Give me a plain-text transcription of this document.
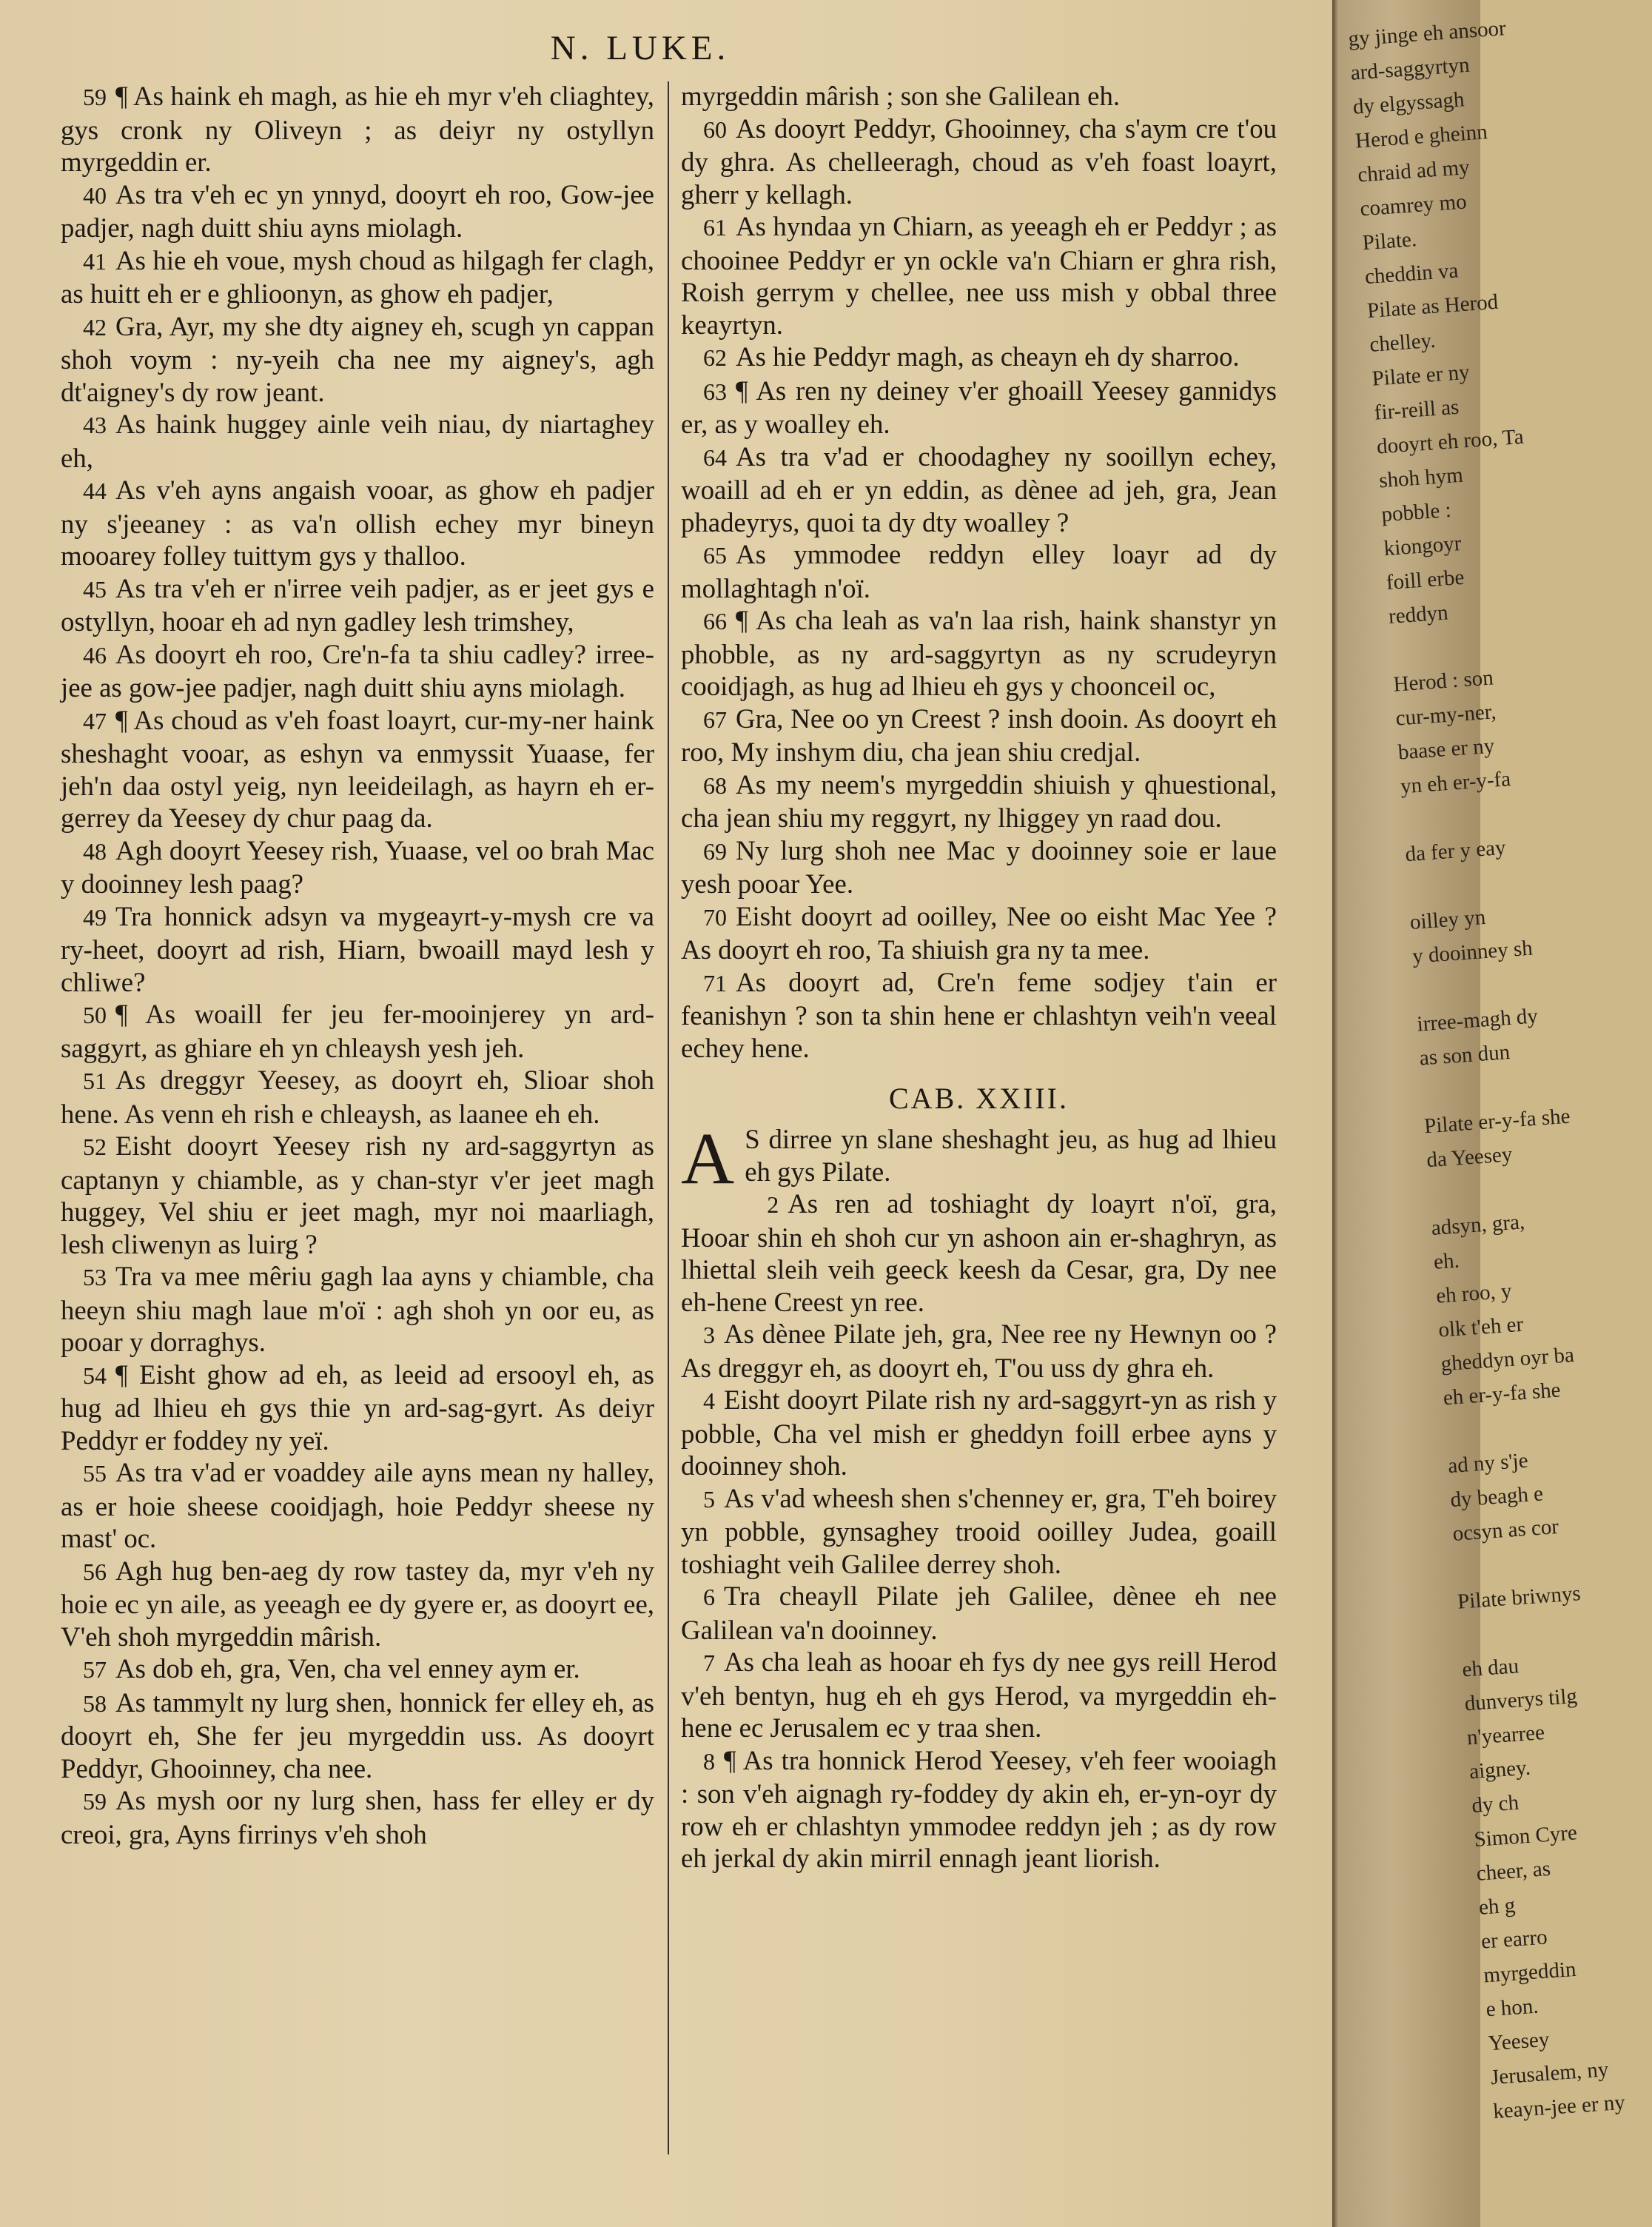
N. LUKE.

59 ¶ As haink eh magh, as hie eh myr v'eh cliaghtey, gys cronk ny Oliveyn ; as deiyr ny ostyllyn myrgeddin er.

40 As tra v'eh ec yn ynnyd, dooyrt eh roo, Gow-jee padjer, nagh duitt shiu ayns miolagh.

41 As hie eh voue, mysh choud as hilgagh fer clagh, as huitt eh er e ghlioonyn, as ghow eh padjer,

42 Gra, Ayr, my she dty aigney eh, scugh yn cappan shoh voym : ny-yeih cha nee my aigney's, agh dt'aigney's dy row jeant.

43 As haink huggey ainle veih niau, dy niartaghey eh,

44 As v'eh ayns angaish vooar, as ghow eh padjer ny s'jeeaney : as va'n ollish echey myr bineyn mooarey folley tuittym gys y thalloo.

45 As tra v'eh er n'irree veih padjer, as er jeet gys e ostyllyn, hooar eh ad nyn gadley lesh trimshey,

46 As dooyrt eh roo, Cre'n-fa ta shiu cadley? irree-jee as gow-jee padjer, nagh duitt shiu ayns miolagh.

47 ¶ As choud as v'eh foast loayrt, cur-my-ner haink sheshaght vooar, as eshyn va enmyssit Yuaase, fer jeh'n daa ostyl yeig, nyn leeideilagh, as hayrn eh er-gerrey da Yeesey dy chur paag da.

48 Agh dooyrt Yeesey rish, Yuaase, vel oo brah Mac y dooinney lesh paag?

49 Tra honnick adsyn va mygeayrt-y-mysh cre va ry-heet, dooyrt ad rish, Hiarn, bwoaill mayd lesh y chliwe?

50 ¶ As woaill fer jeu fer-mooinjerey yn ard-saggyrt, as ghiare eh yn chleaysh yesh jeh.

51 As dreggyr Yeesey, as dooyrt eh, Slioar shoh hene. As venn eh rish e chleaysh, as laanee eh eh.

52 Eisht dooyrt Yeesey rish ny ard-saggyrtyn as captanyn y chiamble, as y chan-styr v'er jeet magh huggey, Vel shiu er jeet magh, myr noi maarliagh, lesh cliwenyn as luirg ?

53 Tra va mee mêriu gagh laa ayns y chiamble, cha heeyn shiu magh laue m'oï : agh shoh yn oor eu, as pooar y dorraghys.

54 ¶ Eisht ghow ad eh, as leeid ad ersooyl eh, as hug ad lhieu eh gys thie yn ard-sag-gyrt. As deiyr Peddyr er foddey ny yeï.

55 As tra v'ad er voaddey aile ayns mean ny halley, as er hoie sheese cooidjagh, hoie Peddyr sheese ny mast' oc.

56 Agh hug ben-aeg dy row tastey da, myr v'eh ny hoie ec yn aile, as yeeagh ee dy gyere er, as dooyrt ee, V'eh shoh myrgeddin mârish.

57 As dob eh, gra, Ven, cha vel enney aym er.

58 As tammylt ny lurg shen, honnick fer elley eh, as dooyrt eh, She fer jeu myrgeddin uss. As dooyrt Peddyr, Ghooinney, cha nee.

59 As mysh oor ny lurg shen, hass fer elley er dy creoi, gra, Ayns firrinys v'eh shoh

myrgeddin mârish ; son she Galilean eh.

60 As dooyrt Peddyr, Ghooinney, cha s'aym cre t'ou dy ghra. As chelleeragh, choud as v'eh foast loayrt, gherr y kellagh.

61 As hyndaa yn Chiarn, as yeeagh eh er Peddyr ; as chooinee Peddyr er yn ockle va'n Chiarn er ghra rish, Roish gerrym y chellee, nee uss mish y obbal three keayrtyn.

62 As hie Peddyr magh, as cheayn eh dy sharroo.

63 ¶ As ren ny deiney v'er ghoaill Yeesey gannidys er, as y woalley eh.

64 As tra v'ad er choodaghey ny sooillyn echey, woaill ad eh er yn eddin, as dènee ad jeh, gra, Jean phadeyrys, quoi ta dy dty woalley ?

65 As ymmodee reddyn elley loayr ad dy mollaghtagh n'oï.

66 ¶ As cha leah as va'n laa rish, haink shanstyr yn phobble, as ny ard-saggyrtyn as ny scrudeyryn cooidjagh, as hug ad lhieu eh gys y choonceil oc,

67 Gra, Nee oo yn Creest ? insh dooin. As dooyrt eh roo, My inshym diu, cha jean shiu credjal.

68 As my neem's myrgeddin shiuish y qhuestional, cha jean shiu my reggyrt, ny lhiggey yn raad dou.

69 Ny lurg shoh nee Mac y dooinney soie er laue yesh pooar Yee.

70 Eisht dooyrt ad ooilley, Nee oo eisht Mac Yee ? As dooyrt eh roo, Ta shiuish gra ny ta mee.

71 As dooyrt ad, Cre'n feme sodjey t'ain er feanishyn ? son ta shin hene er chlashtyn veih'n veeal echey hene.

CAB. XXIII.

A S dirree yn slane sheshaght jeu, as hug ad lhieu eh gys Pilate.

2 As ren ad toshiaght dy loayrt n'oï, gra, Hooar shin eh shoh cur yn ashoon ain er-shaghryn, as lhiettal sleih veih geeck keesh da Cesar, gra, Dy nee eh-hene Creest yn ree.

3 As dènee Pilate jeh, gra, Nee ree ny Hewnyn oo ? As dreggyr eh, as dooyrt eh, T'ou uss dy ghra eh.

4 Eisht dooyrt Pilate rish ny ard-saggyrt-yn as rish y pobble, Cha vel mish er gheddyn foill erbee ayns y dooinney shoh.

5 As v'ad wheesh shen s'chenney er, gra, T'eh boirey yn pobble, gynsaghey trooid ooilley Judea, goaill toshiaght veih Galilee derrey shoh.

6 Tra cheayll Pilate jeh Galilee, dènee eh nee Galilean va'n dooinney.

7 As cha leah as hooar eh fys dy nee gys reill Herod v'eh bentyn, hug eh eh gys Herod, va myrgeddin eh-hene ec Jerusalem ec y traa shen.

8 ¶ As tra honnick Herod Yeesey, v'eh feer wooiagh : son v'eh aignagh ry-foddey dy akin eh, er-yn-oyr dy row eh er chlashtyn ymmodee reddyn jeh ; as dy row eh jerkal dy akin mirril ennagh jeant liorish.

gy jinge eh ansoor
ard-saggyrtyn
dy elgyssagh
Herod e gheinn
chraid ad my
coamrey mo
Pilate.
cheddin va
Pilate as Herod
chelley.
Pilate er ny
fir-reill as
dooyrt eh roo, Ta
shoh hym
pobble :
kiongoyr
foill erbe
reddyn

Herod : son
cur-my-ner,
baase er ny
yn eh er-y-fa

da fer y eay

oilley yn
y dooinney sh

irree-magh dy
as son dun

Pilate er-y-fa she
da Yeesey

adsyn, gra,
eh.
eh roo, y
olk t'eh er
gheddyn oyr ba
eh er-y-fa she

ad ny s'je
dy beagh e
ocsyn as cor

Pilate briwnys

eh dau
dunverys tilg
n'yearree
aigney.
dy ch
Simon Cyre
cheer, as
eh g
er earro
myrgeddin
e hon.
Yeesey
Jerusalem, ny
keayn-jee er ny
